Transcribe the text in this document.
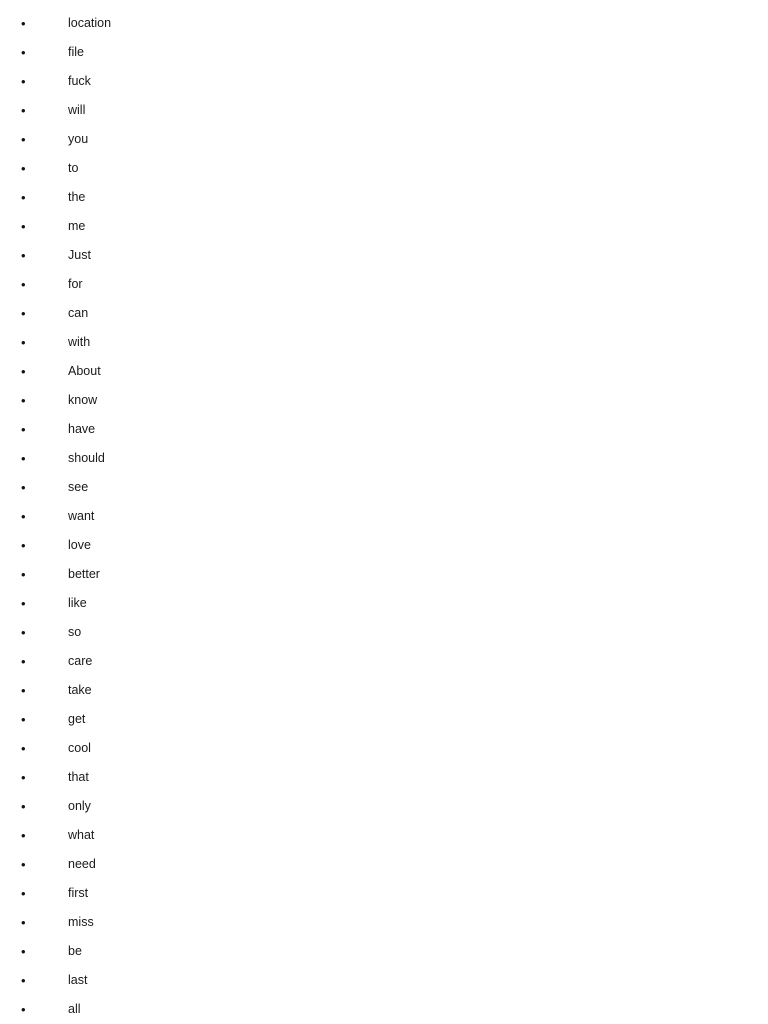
•	location
•	file
•	fuck
•	will
•	you
•	to
•	the
•	me
•	Just
•	for
•	can
•	with
•	About
•	know
•	have
•	should
•	see
•	want
•	love
•	better
•	like
•	so
•	care
•	take
•	get
•	cool
•	that
•	only
•	what
•	need
•	first
•	miss
•	be
•	last
•	all
